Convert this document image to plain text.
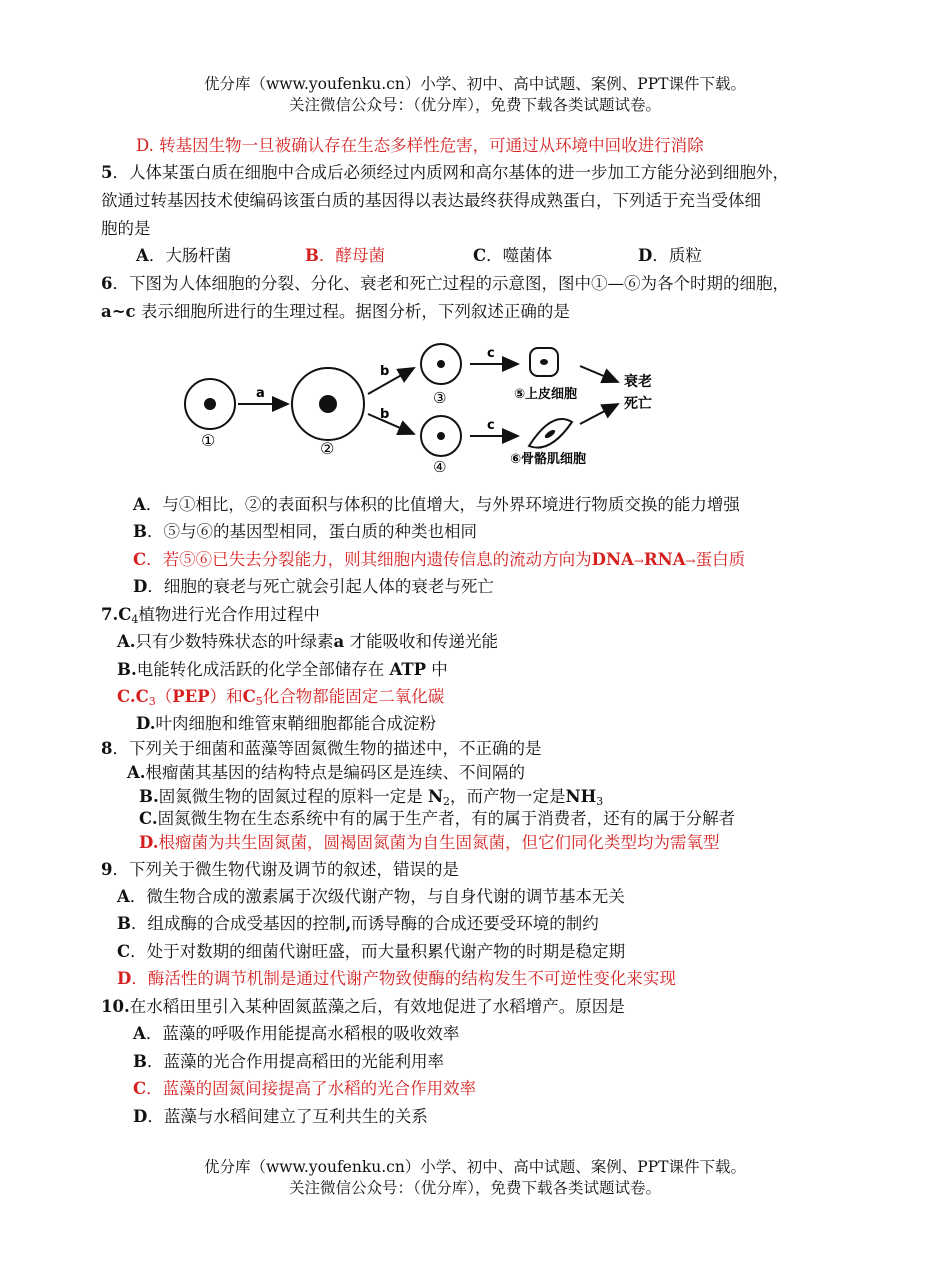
优分库（www.youfenku.cn）小学、初中、高中试题、案例、PPT课件下载。
关注微信公众号：（优分库），免费下载各类试题试卷。
D. 转基因生物一旦被确认存在生态多样性危害，可通过从环境中回收进行消除
5．人体某蛋白质在细胞中合成后必须经过内质网和高尔基体的进一步加工方能分泌到细胞外，
欲通过转基因技术使编码该蛋白质的基因得以表达最终获得成熟蛋白，下列适于充当受体细
胞的是
A．大肠杆菌	B．酵母菌	C．噬菌体	D．质粒
6．下图为人体细胞的分裂、分化、衰老和死亡过程的示意图，图中①—⑥为各个时期的细胞，
a~c 表示细胞所进行的生理过程。据图分析，下列叙述正确的是
①
a
②
b
b
③
④
c
c
⑤上皮细胞
⑥骨骼肌细胞
衰老
死亡
A．与①相比，②的表面积与体积的比值增大，与外界环境进行物质交换的能力增强
B．⑤与⑥的基因型相同，蛋白质的种类也相同
C．若⑤⑥已失去分裂能力，则其细胞内遗传信息的流动方向为DNA→RNA→蛋白质
D．细胞的衰老与死亡就会引起人体的衰老与死亡
$7.C_4$植物进行光合作用过程中
A.只有少数特殊状态的叶绿素a 才能吸收和传递光能
B.电能转化成活跃的化学全部储存在 ATP 中
$C.C_3(PEP)$和$C_5$化合物都能固定二氧化碳
D.叶肉细胞和维管束鞘细胞都能合成淀粉
8．下列关于细菌和蓝藻等固氮微生物的描述中，不正确的是
A.根瘤菌其基因的结构特点是编码区是连续、不间隔的
B.固氮微生物的固氮过程的原料一定是 $N_2$，而产物一定是$NH_3$
C.固氮微生物在生态系统中有的属于生产者，有的属于消费者，还有的属于分解者
D.根瘤菌为共生固氮菌，圆褐固氮菌为自生固氮菌，但它们同化类型均为需氧型
9．下列关于微生物代谢及调节的叙述，错误的是
A．微生物合成的激素属于次级代谢产物，与自身代谢的调节基本无关
B．组成酶的合成受基因的控制,而诱导酶的合成还要受环境的制约
C．处于对数期的细菌代谢旺盛，而大量积累代谢产物的时期是稳定期
D．酶活性的调节机制是通过代谢产物致使酶的结构发生不可逆性变化来实现
10.在水稻田里引入某种固氮蓝藻之后，有效地促进了水稻增产。原因是
A．蓝藻的呼吸作用能提高水稻根的吸收效率
B．蓝藻的光合作用提高稻田的光能利用率
C．蓝藻的固氮间接提高了水稻的光合作用效率
D．蓝藻与水稻间建立了互利共生的关系
优分库（www.youfenku.cn）小学、初中、高中试题、案例、PPT课件下载。
关注微信公众号：（优分库），免费下载各类试题试卷。
